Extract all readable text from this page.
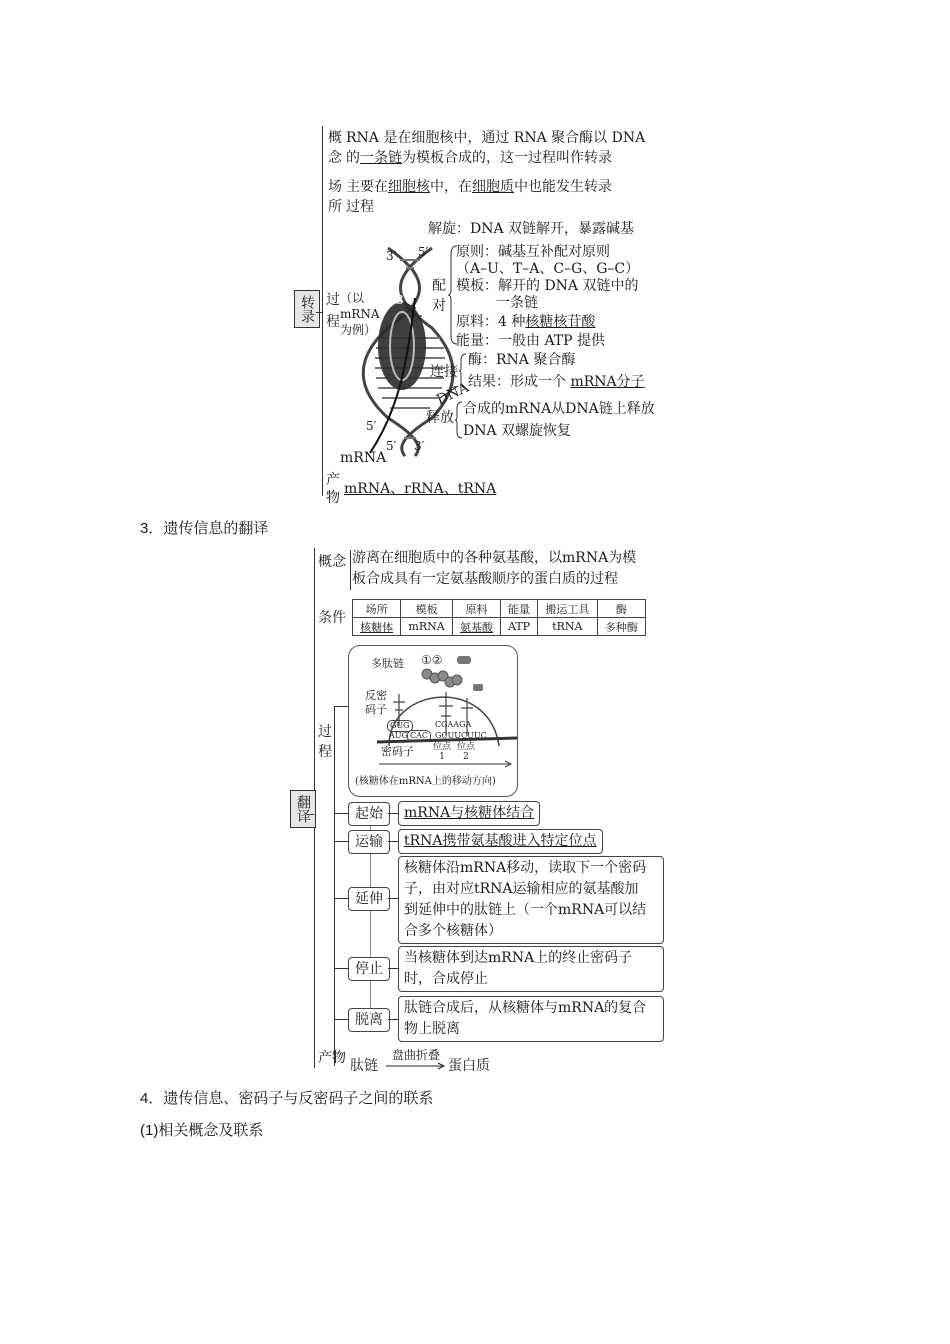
转录
概
念
RNA 是在细胞核中，通过 RNA 聚合酶以 DNA
的一条链为模板合成的，这一过程叫作转录
场
所
主要在细胞核中，在细胞质中也能发生转录
过程
过
程
（以
mRNA
为例）
3′ 5′
3
5′
5′ 3′
mRNA
DNA
解旋：DNA 双链解开，暴露碱基
配
对
原则：碱基互补配对原则
（A–U、T–A、C–G、G–C）
模板：解开的 DNA 双链中的
一条链
原料：4 种核糖核苷酸
能量：一般由 ATP 提供
连接
酶：RNA 聚合酶
结果：形成一个 mRNA分子
释放
合成的mRNA从DNA链上释放
DNA 双螺旋恢复
产
物
mRNA、rRNA、tRNA
3．遗传信息的翻译
翻译
概念 游离在细胞质中的各种氨基酸，以mRNA为模
板合成具有一定氨基酸顺序的蛋白质的过程
条件
场所	模板	原料	能量	搬运工具	酶
核糖体	mRNA	氨基酸	ATP	tRNA	多种酶
过
程
多肽链 ①②
反密
码子
GUG	CGAAGA
AUG CAC GCUUCUUC
密码子 位点
1
位点
2
(核糖体在mRNA上的移动方向)
起始	mRNA与核糖体结合
运输	tRNA携带氨基酸进入特定位点
延伸
核糖体沿mRNA移动，读取下一个密码
子，由对应tRNA运输相应的氨基酸加
到延伸中的肽链上（一个mRNA可以结
合多个核糖体）
停止
当核糖体到达mRNA上的终止密码子
时，合成停止
脱离
肽链合成后，从核糖体与mRNA的复合
物上脱离
产物 肽链
盘曲折叠
蛋白质
4．遗传信息、密码子与反密码子之间的联系
(1)相关概念及联系
